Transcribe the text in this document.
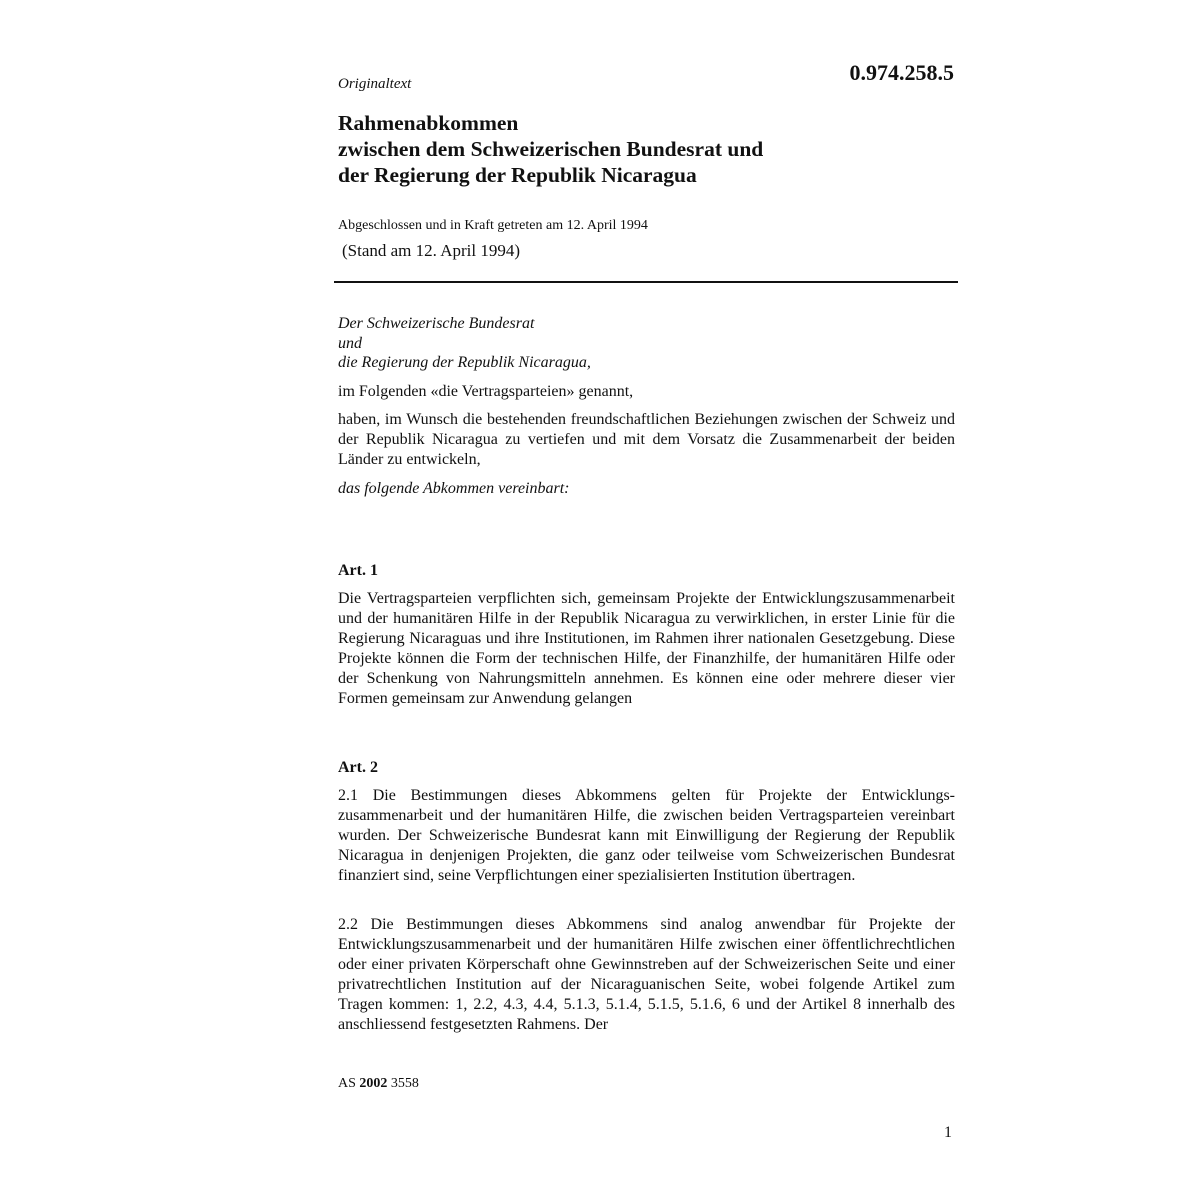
0.974.258.5

Originaltext

Rahmenabkommen
zwischen dem Schweizerischen Bundesrat und
der Regierung der Republik Nicaragua

Abgeschlossen und in Kraft getreten am 12. April 1994

(Stand am 12. April 1994)

Der Schweizerische Bundesrat
und
die Regierung der Republik Nicaragua,

im Folgenden «die Vertragsparteien» genannt,

haben, im Wunsch die bestehenden freundschaftlichen Beziehungen zwischen der Schweiz und der Republik Nicaragua zu vertiefen und mit dem Vorsatz die Zusammenarbeit der beiden Länder zu entwickeln,

das folgende Abkommen vereinbart:

Art. 1

Die Vertragsparteien verpflichten sich, gemeinsam Projekte der Entwicklungszusammenarbeit und der humanitären Hilfe in der Republik Nicaragua zu verwirklichen, in erster Linie für die Regierung Nicaraguas und ihre Institutionen, im Rahmen ihrer nationalen Gesetzgebung. Diese Projekte können die Form der technischen Hilfe, der Finanzhilfe, der humanitären Hilfe oder der Schenkung von Nahrungsmitteln annehmen. Es können eine oder mehrere dieser vier Formen gemeinsam zur Anwendung gelangen

Art. 2

2.1 Die Bestimmungen dieses Abkommens gelten für Projekte der Entwicklungszusammenarbeit und der humanitären Hilfe, die zwischen beiden Vertragsparteien vereinbart wurden. Der Schweizerische Bundesrat kann mit Einwilligung der Regierung der Republik Nicaragua in denjenigen Projekten, die ganz oder teilweise vom Schweizerischen Bundesrat finanziert sind, seine Verpflichtungen einer spezialisierten Institution übertragen.

2.2 Die Bestimmungen dieses Abkommens sind analog anwendbar für Projekte der Entwicklungszusammenarbeit und der humanitären Hilfe zwischen einer öffentlichrechtlichen oder einer privaten Körperschaft ohne Gewinnstreben auf der Schweizerischen Seite und einer privatrechtlichen Institution auf der Nicaraguanischen Seite, wobei folgende Artikel zum Tragen kommen: 1, 2.2, 4.3, 4.4, 5.1.3, 5.1.4, 5.1.5, 5.1.6, 6 und der Artikel 8 innerhalb des anschliessend festgesetzten Rahmens. Der

AS 2002 3558

1
